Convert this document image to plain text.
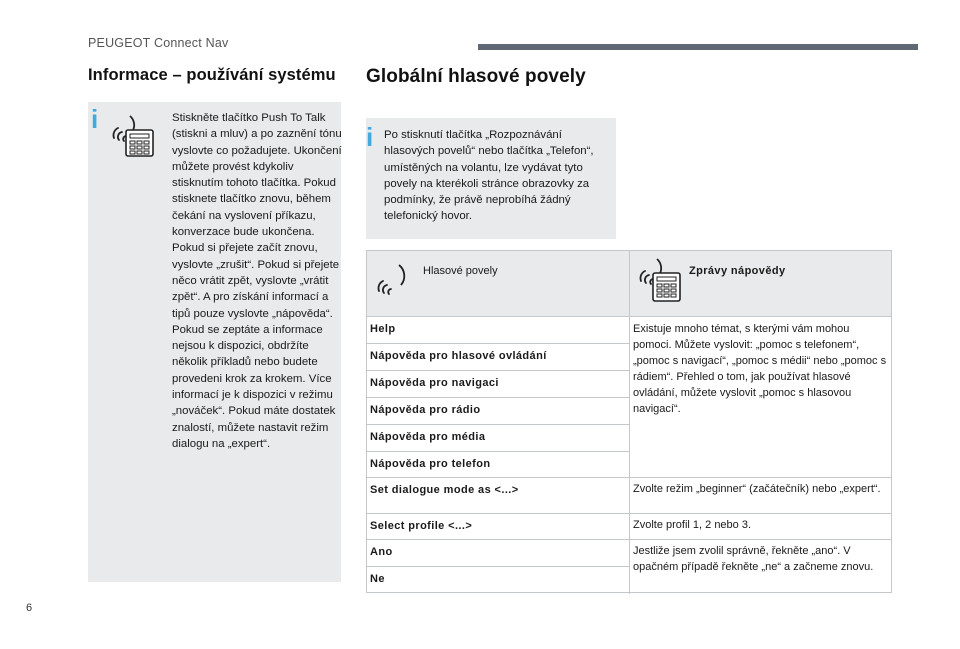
PEUGEOT Connect Nav
Informace – používání systému Globální hlasové povely
i	Stiskněte tlačítko Push To Talk (stiskni a mluv) a po zaznění tónu vyslovte co požadujete. Ukončení můžete provést kdykoliv stisknutím tohoto tlačítka. Pokud stisknete tlačítko znovu, během čekání na vyslovení příkazu, konverzace bude ukončena. Pokud si přejete začít znovu, vyslovte „zrušit“. Pokud si přejete něco vrátit zpět, vyslovte „vrátit zpět“. A pro získání informací a tipů pouze vyslovte „nápověda“. Pokud se zeptáte a informace nejsou k dispozici, obdržíte několik příkladů nebo budete provedeni krok za krokem. Více informací je k dispozici v režimu „nováček“. Pokud máte dostatek znalostí, můžete nastavit režim dialogu na „expert“.

i Po stisknutí tlačítka „Rozpoznávání hlasových povelů“ nebo tlačítka „Telefon“, umístěných na volantu, lze vydávat tyto povely na kterékoli stránce obrazovky za podmínky, že právě neprobíhá žádný telefonický hovor.

Hlasové povely	Zprávy nápovědy
Help
Nápověda pro hlasové ovládání
Nápověda pro navigaci
Nápověda pro rádio
Nápověda pro média
Nápověda pro telefon
Set dialogue mode as <...>
Select profile <...>
Ano
Ne
Existuje mnoho témat, s kterými vám mohou pomoci. Můžete vyslovit: „pomoc s telefonem“, „pomoc s navigací“, „pomoc s médii“ nebo „pomoc s rádiem“. Přehled o tom, jak používat hlasové ovládání, můžete vyslovit „pomoc s hlasovou navigací“.
Zvolte režim „beginner“ (začátečník) nebo „expert“.
Zvolte profil 1, 2 nebo 3.
Jestliže jsem zvolil správně, řekněte „ano“. V opačném případě řekněte „ne“ a začneme znovu.
6
